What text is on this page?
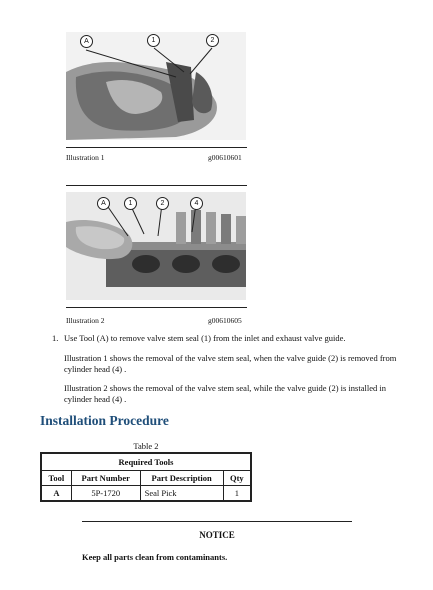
A	1	2
Illustration 1	g00610601
A	1	2	4
Illustration 2	g00610605
1. Use Tool (A) to remove valve stem seal (1) from the inlet and exhaust valve guide.
Illustration 1 shows the removal of the valve stem seal, when the valve guide (2) is removed from cylinder head (4) .
Illustration 2 shows the removal of the valve stem seal, while the valve guide (2) is installed in cylinder head (4) .
Installation Procedure
Table 2
Required Tools			
Tool	Part Number	Part Description	Qty
A	5P-1720	Seal Pick	1
NOTICE
Keep all parts clean from contaminants.
